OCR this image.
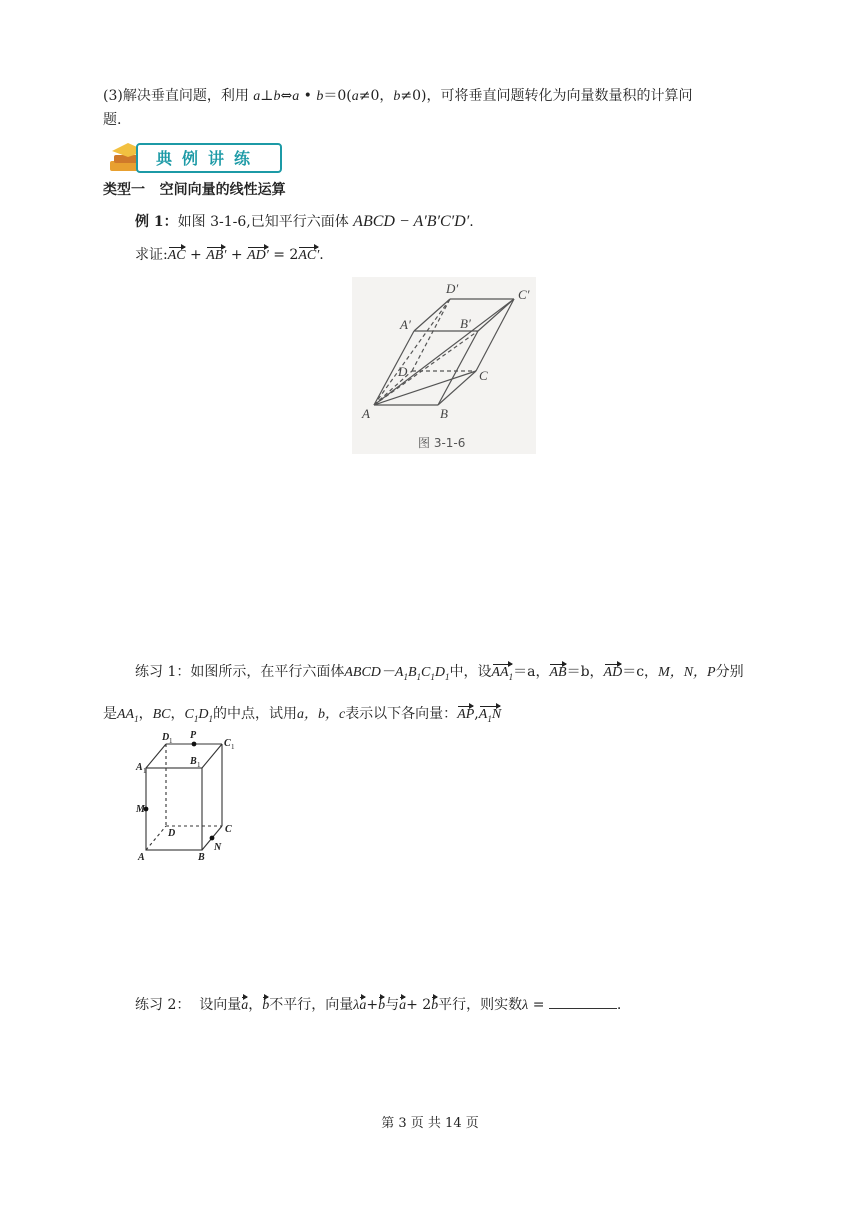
(3)解决垂直问题，利用 a⊥b⇔a • b＝0(a≠0，b≠0)，可将垂直问题转化为向量数量积的计算问
题.
典例讲练
类型一 空间向量的线性运算
例 1：如图 3-1-6,已知平行六面体 ABCD − A′B′C′D′.
求证:AC + AB′ + AD′ = 2AC′.
A	B
C
D
A′	B′
C′
D′
图 3-1-6
练习 1：如图所示，在平行六面体$ABCD-A_1B_1C_1D_1$中，设$AA_1=a$，AB＝b，AD＝c，M，N，P分别
是$AA_1$，BC，$C_1D_1$的中点，试用a，b，c表示以下各向量：$AP,A_1N$
A	B
C
D
A
B
C
D
M
N
P
1
1
1
1
练习 2： 设向量a，b不平行，向量λa+b与a+ 2b平行，则实数λ =	.
第 3 页 共 14 页
